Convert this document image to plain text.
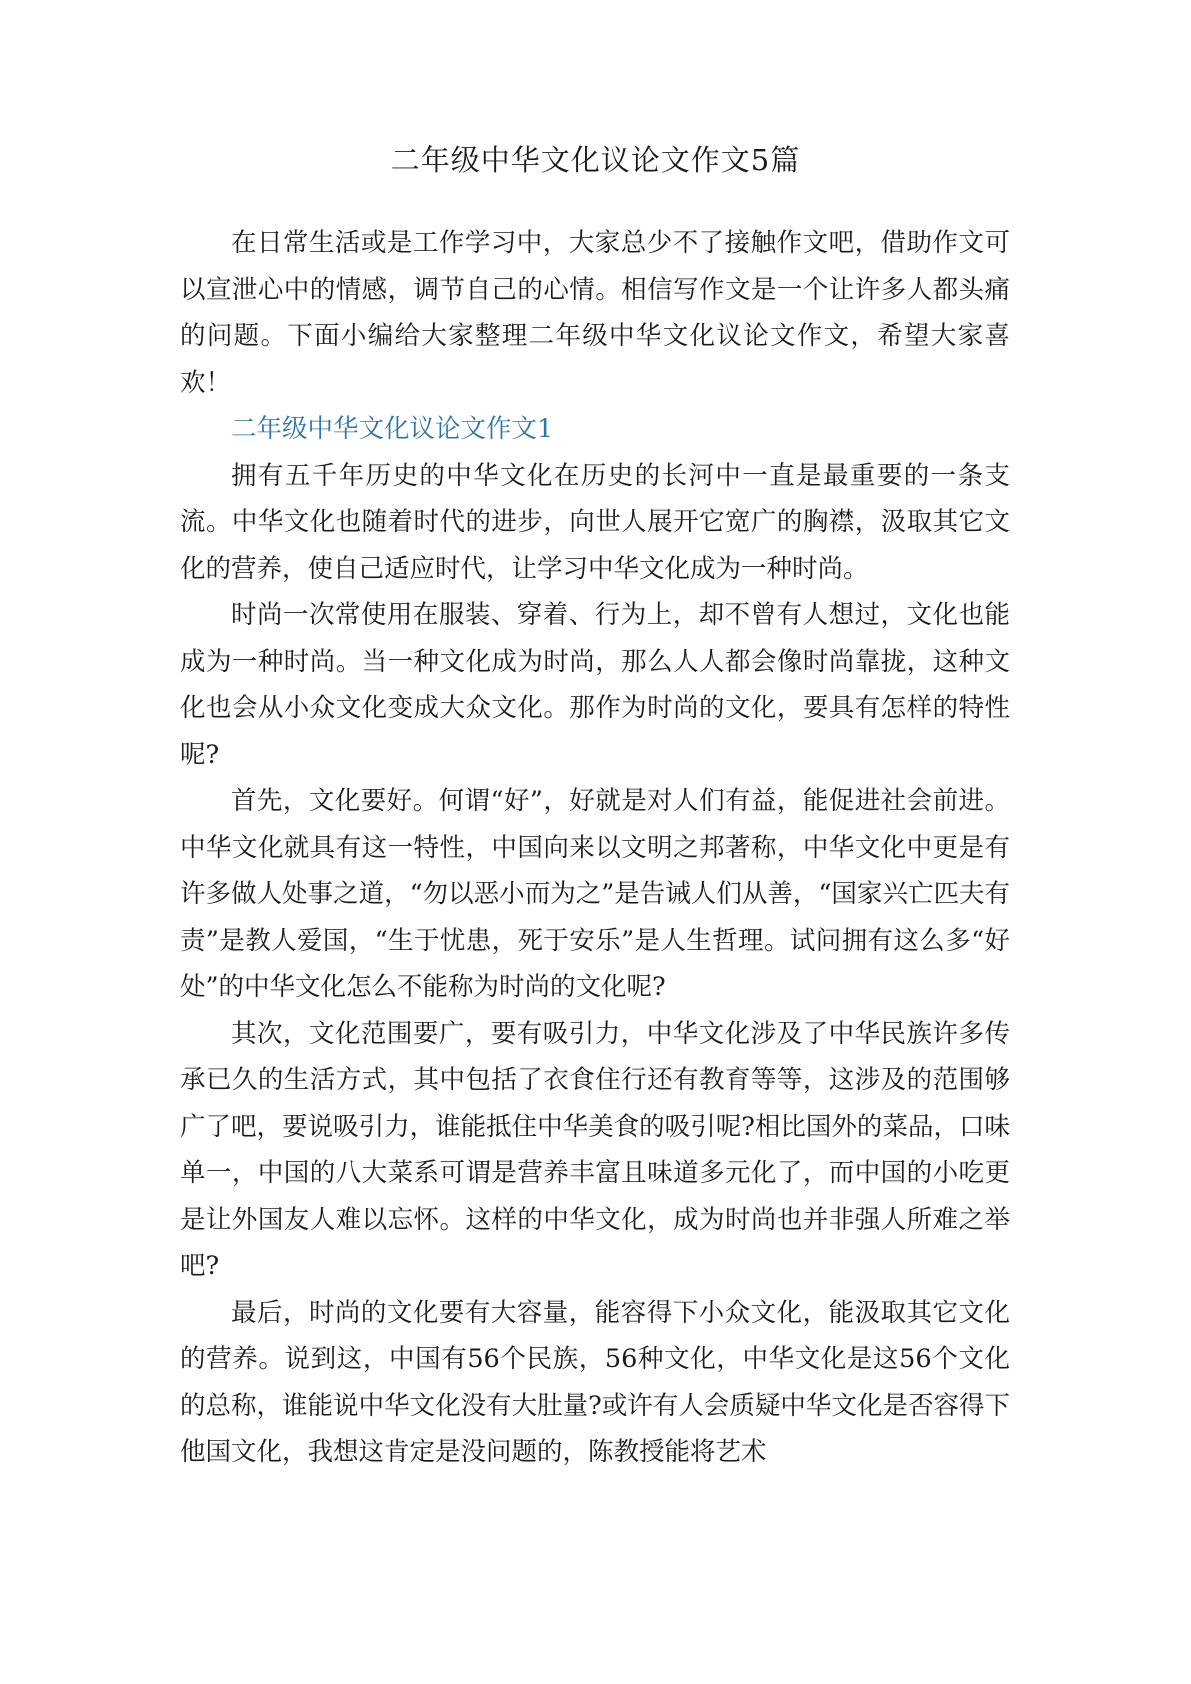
二年级中华文化议论文作文5篇

在日常生活或是工作学习中，大家总少不了接触作文吧，借助作文可以宣泄心中的情感，调节自己的心情。相信写作文是一个让许多人都头痛的问题。下面小编给大家整理二年级中华文化议论文作文，希望大家喜欢！

二年级中华文化议论文作文1

拥有五千年历史的中华文化在历史的长河中一直是最重要的一条支流。中华文化也随着时代的进步，向世人展开它宽广的胸襟，汲取其它文化的营养，使自己适应时代，让学习中华文化成为一种时尚。

时尚一次常使用在服装、穿着、行为上，却不曾有人想过，文化也能成为一种时尚。当一种文化成为时尚，那么人人都会像时尚靠拢，这种文化也会从小众文化变成大众文化。那作为时尚的文化，要具有怎样的特性呢?

首先，文化要好。何谓“好”，好就是对人们有益，能促进社会前进。中华文化就具有这一特性，中国向来以文明之邦著称，中华文化中更是有许多做人处事之道，“勿以恶小而为之”是告诫人们从善，“国家兴亡匹夫有责”是教人爱国，“生于忧患，死于安乐”是人生哲理。试问拥有这么多“好处”的中华文化怎么不能称为时尚的文化呢?

其次，文化范围要广，要有吸引力，中华文化涉及了中华民族许多传承已久的生活方式，其中包括了衣食住行还有教育等等，这涉及的范围够广了吧，要说吸引力，谁能抵住中华美食的吸引呢?相比国外的菜品，口味单一，中国的八大菜系可谓是营养丰富且味道多元化了，而中国的小吃更是让外国友人难以忘怀。这样的中华文化，成为时尚也并非强人所难之举吧?

最后，时尚的文化要有大容量，能容得下小众文化，能汲取其它文化的营养。说到这，中国有56个民族，56种文化，中华文化是这56个文化的总称，谁能说中华文化没有大肚量?或许有人会质疑中华文化是否容得下他国文化，我想这肯定是没问题的，陈教授能将艺术
